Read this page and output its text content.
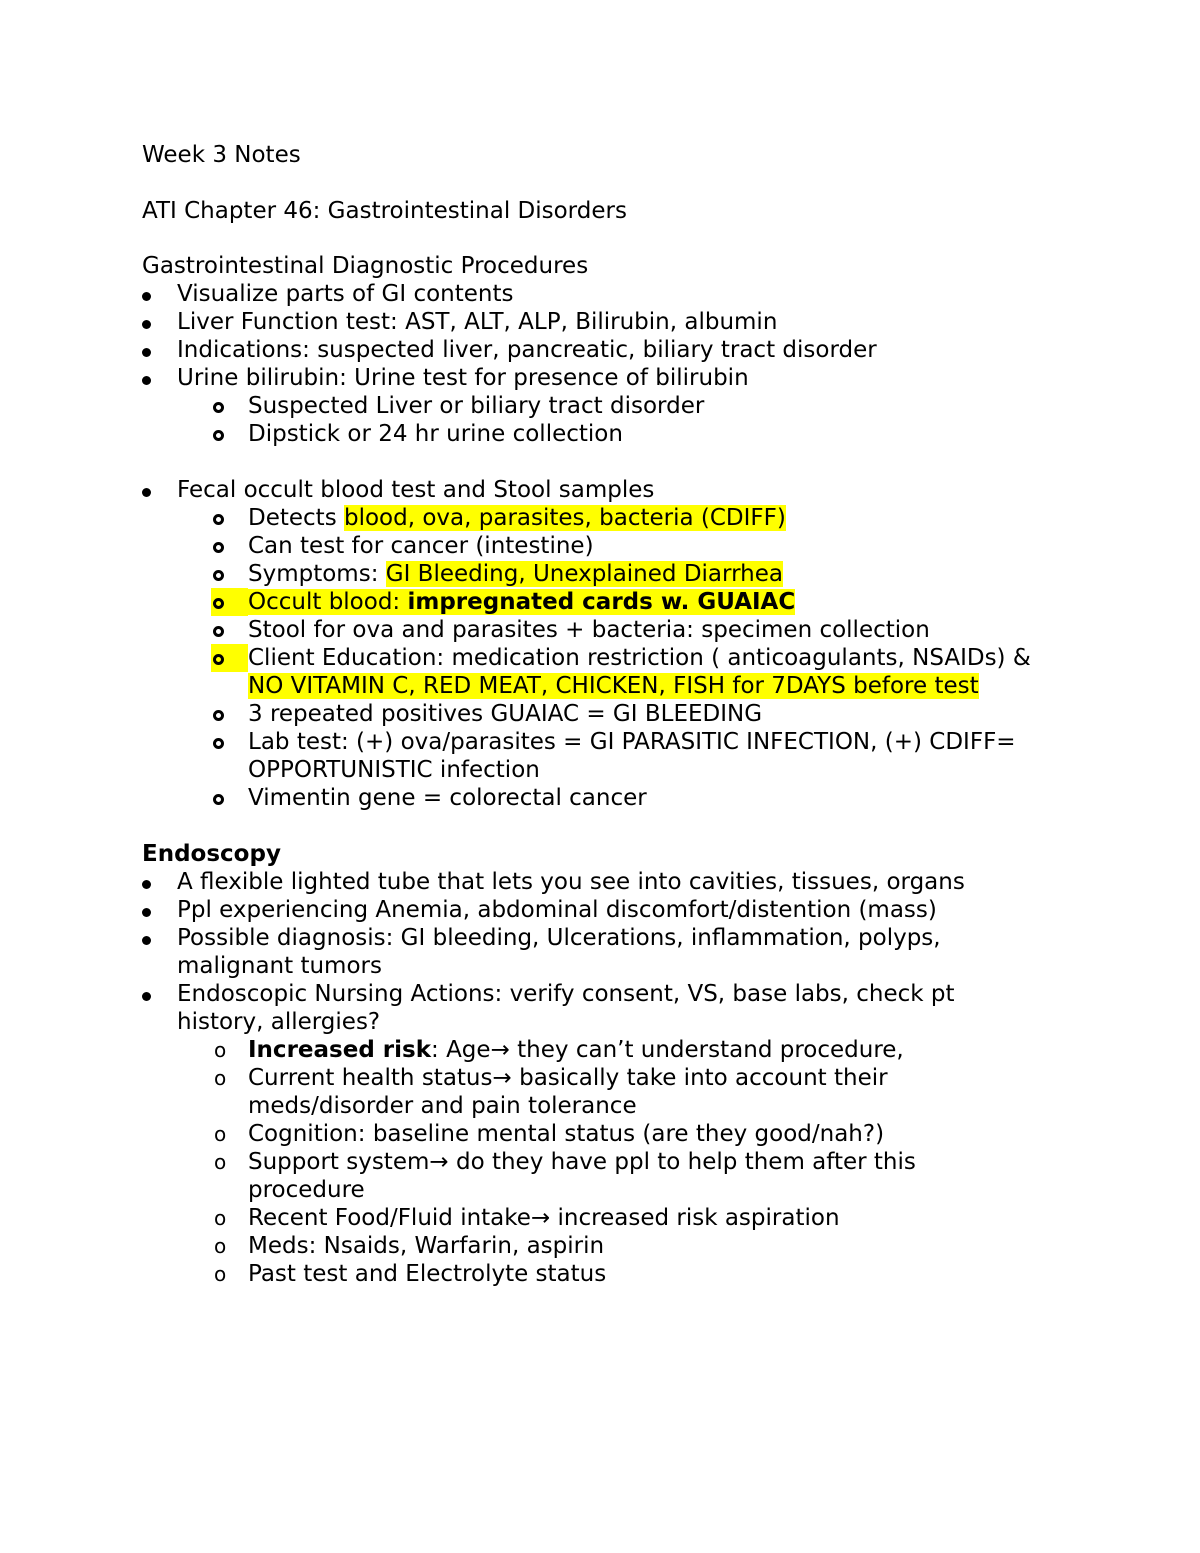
Week 3 Notes
ATI Chapter 46: Gastrointestinal Disorders
Gastrointestinal Diagnostic Procedures
Visualize parts of GI contents
Liver Function test: AST, ALT, ALP, Bilirubin, albumin
Indications: suspected liver, pancreatic, biliary tract disorder
Urine bilirubin: Urine test for presence of bilirubin
Suspected Liver or biliary tract disorder
Dipstick or 24 hr urine collection
Fecal occult blood test and Stool samples
Detects blood, ova, parasites, bacteria (CDIFF)
Can test for cancer (intestine)
Symptoms: GI Bleeding, Unexplained Diarrhea
Occult blood: impregnated cards w. GUAIAC
Stool for ova and parasites + bacteria: specimen collection
Client Education: medication restriction ( anticoagulants, NSAIDs) &
NO VITAMIN C, RED MEAT, CHICKEN, FISH for 7DAYS before test
3 repeated positives GUAIAC = GI BLEEDING
Lab test: (+) ova/parasites = GI PARASITIC INFECTION, (+) CDIFF=
OPPORTUNISTIC infection
Vimentin gene = colorectal cancer
Endoscopy
A flexible lighted tube that lets you see into cavities, tissues, organs
Ppl experiencing Anemia, abdominal discomfort/distention (mass)
Possible diagnosis: GI bleeding, Ulcerations, inflammation, polyps,
malignant tumors
Endoscopic Nursing Actions: verify consent, VS, base labs, check pt
history, allergies?
o Increased risk: Age→ they can’t understand procedure,
o Current health status→ basically take into account their
meds/disorder and pain tolerance
o Cognition: baseline mental status (are they good/nah?)
o Support system→ do they have ppl to help them after this
procedure
o Recent Food/Fluid intake→ increased risk aspiration
o Meds: Nsaids, Warfarin, aspirin
o Past test and Electrolyte status
